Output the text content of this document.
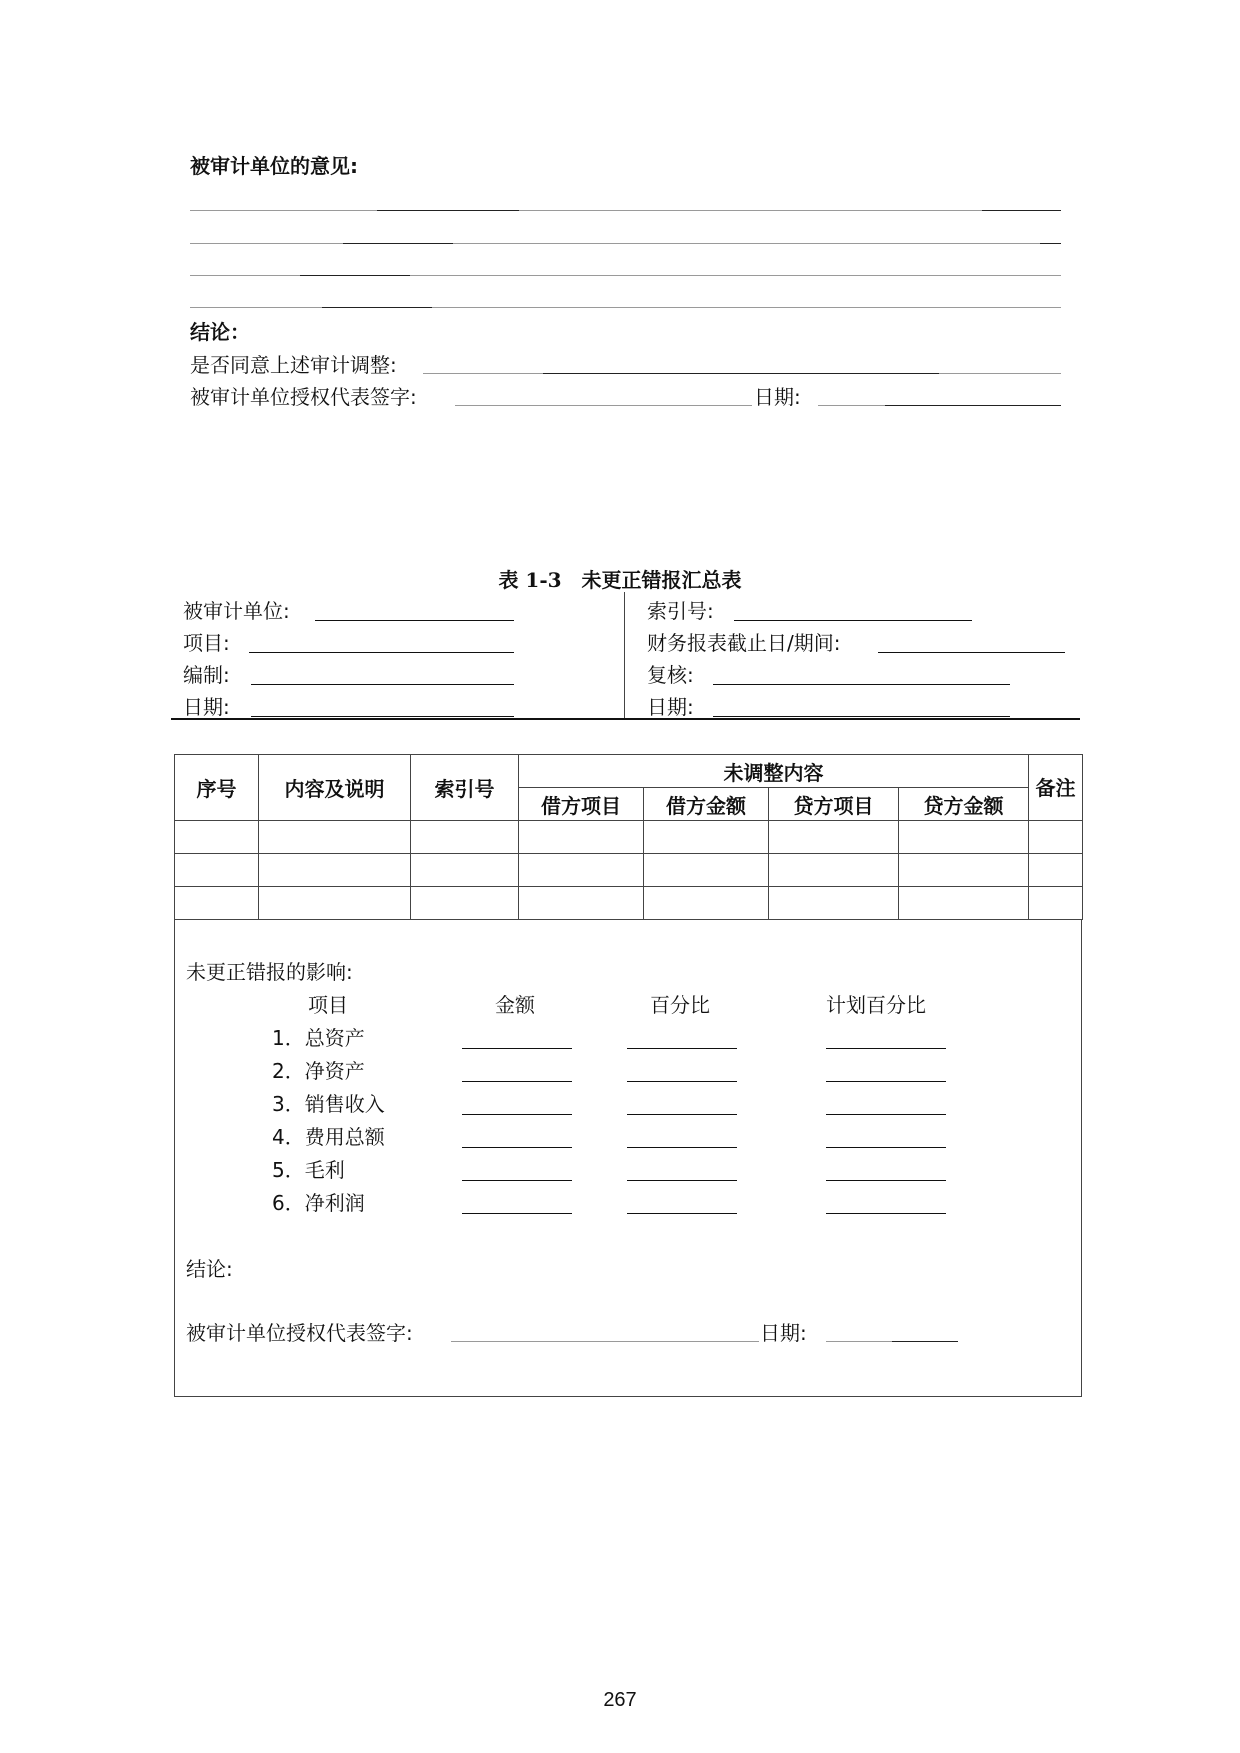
被审计单位的意见:
结论：
是否同意上述审计调整:
被审计单位授权代表签字:	日期:
表 1-3　未更正错报汇总表
被审计单位:
项目:
编制:
日期:
索引号:
财务报表截止日/期间:
复核:
日期:
序号	内容及说明	索引号	未调整内容				备注
			借方项目	借方金额	贷方项目	贷方金额	

未更正错报的影响:
项目	金额	百分比	计划百分比
1．总资产
2．净资产
3．销售收入
4．费用总额
5．毛利
6．净利润
结论:
被审计单位授权代表签字:	日期:
267
